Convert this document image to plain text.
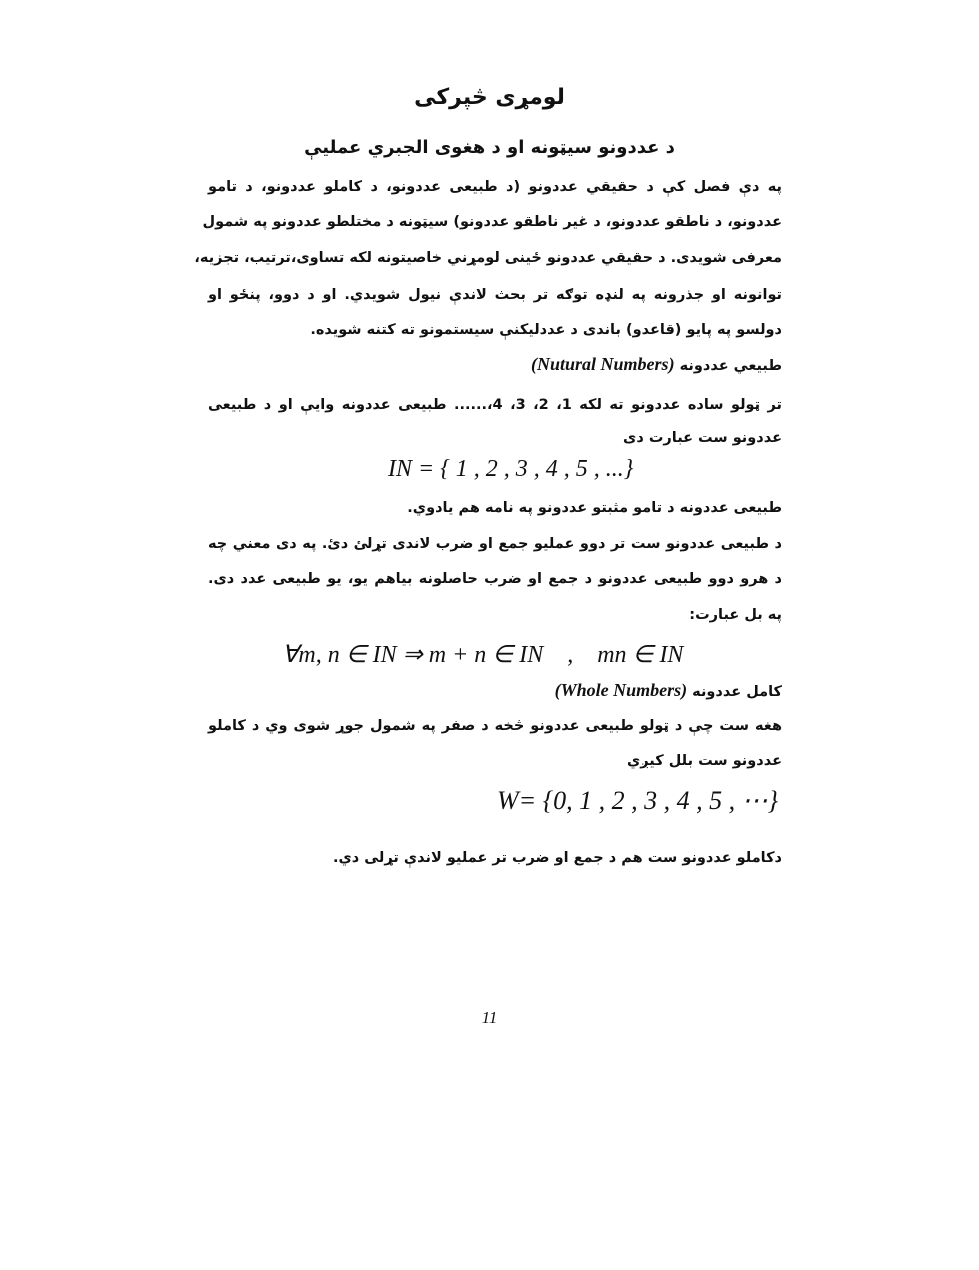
لومړی څپرکی
د عددونو سیټونه او د هغوی الجبري عملیې
په دې فصل کې د حقیقي عددونو (د طبیعی عددونو، د کاملو عددونو، د تامو
عددونو، د ناطقو عددونو، د غیر ناطقو عددونو) سیټونه د مختلطو عددونو په شمول
معرفی شویدی. د حقیقي عددونو ځینی لومړني خاصیتونه لکه تساوی،ترتیب، تجزیه،
توانونه او جذرونه په لنډه توګه تر بحث لاندې نیول شویدي. او د دوو، پنځو او
دولسو په پایو (قاعدو) باندی د عددلیکنې سیستمونو ته کتنه شویده.
طبیعي عددونه (Nutural Numbers)
تر ټولو ساده عددونو ته لکه 1، 2، 3، 4،...... طبیعی عددونه وایې او د طبیعی
عددونو ست عبارت دی
IN = { 1 , 2 , 3 , 4 , 5 , ...}
طبیعی عددونه د تامو مثبتو عددونو په نامه هم یادوي.
د طبیعی عددونو ست تر دوو عملیو جمع او ضرب لاندی تړلئ دئ. په دی معني چه
د هرو دوو طبیعی عددونو د جمع او ضرب حاصلونه بیاهم یو، یو طبیعی عدد دی.
په بل عبارت:
∀m, n ∈ IN ⇒ m + n ∈ IN    ,    mn ∈ IN
کامل عددونه (Whole Numbers)
هغه ست چې د ټولو طبیعی عددونو څخه د صفر په شمول جوړ شوی وي د کاملو
عددونو ست بلل کیږي
W= {0, 1 , 2 , 3 , 4 , 5 , ⋯}
دکاملو عددونو ست هم د جمع او ضرب تر عملیو لاندې تړلی دي.
11
